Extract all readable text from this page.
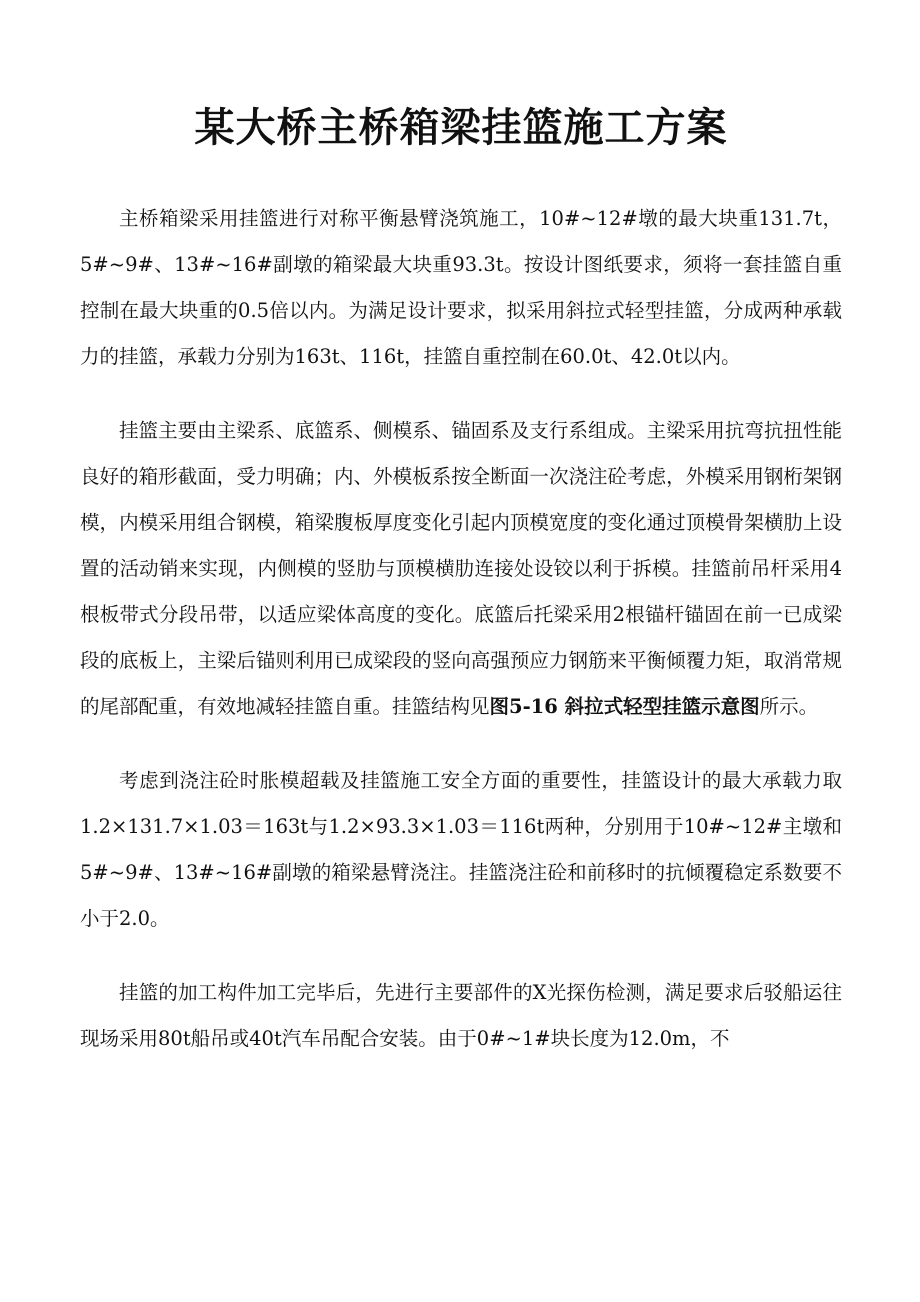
某大桥主桥箱梁挂篮施工方案

主桥箱梁采用挂篮进行对称平衡悬臂浇筑施工，10#~12#墩的最大块重131.7t，5#~9#、13#~16#副墩的箱梁最大块重93.3t。按设计图纸要求，须将一套挂篮自重控制在最大块重的0.5倍以内。为满足设计要求，拟采用斜拉式轻型挂篮，分成两种承载力的挂篮，承载力分别为163t、116t，挂篮自重控制在60.0t、42.0t以内。

挂篮主要由主梁系、底篮系、侧模系、锚固系及支行系组成。主梁采用抗弯抗扭性能良好的箱形截面，受力明确；内、外模板系按全断面一次浇注砼考虑，外模采用钢桁架钢模，内模采用组合钢模，箱梁腹板厚度变化引起内顶模宽度的变化通过顶模骨架横肋上设置的活动销来实现，内侧模的竖肋与顶模横肋连接处设铰以利于拆模。挂篮前吊杆采用4根板带式分段吊带，以适应梁体高度的变化。底篮后托梁采用2根锚杆锚固在前一已成梁段的底板上，主梁后锚则利用已成梁段的竖向高强预应力钢筋来平衡倾覆力矩，取消常规的尾部配重，有效地减轻挂篮自重。挂篮结构见图5-16 斜拉式轻型挂篮示意图所示。

考虑到浇注砼时胀模超载及挂篮施工安全方面的重要性，挂篮设计的最大承载力取1.2×131.7×1.03＝163t与1.2×93.3×1.03＝116t两种，分别用于10#~12#主墩和5#~9#、13#~16#副墩的箱梁悬臂浇注。挂篮浇注砼和前移时的抗倾覆稳定系数要不小于2.0。

挂篮的加工构件加工完毕后，先进行主要部件的X光探伤检测，满足要求后驳船运往现场采用80t船吊或40t汽车吊配合安装。由于0#~1#块长度为12.0m，不
